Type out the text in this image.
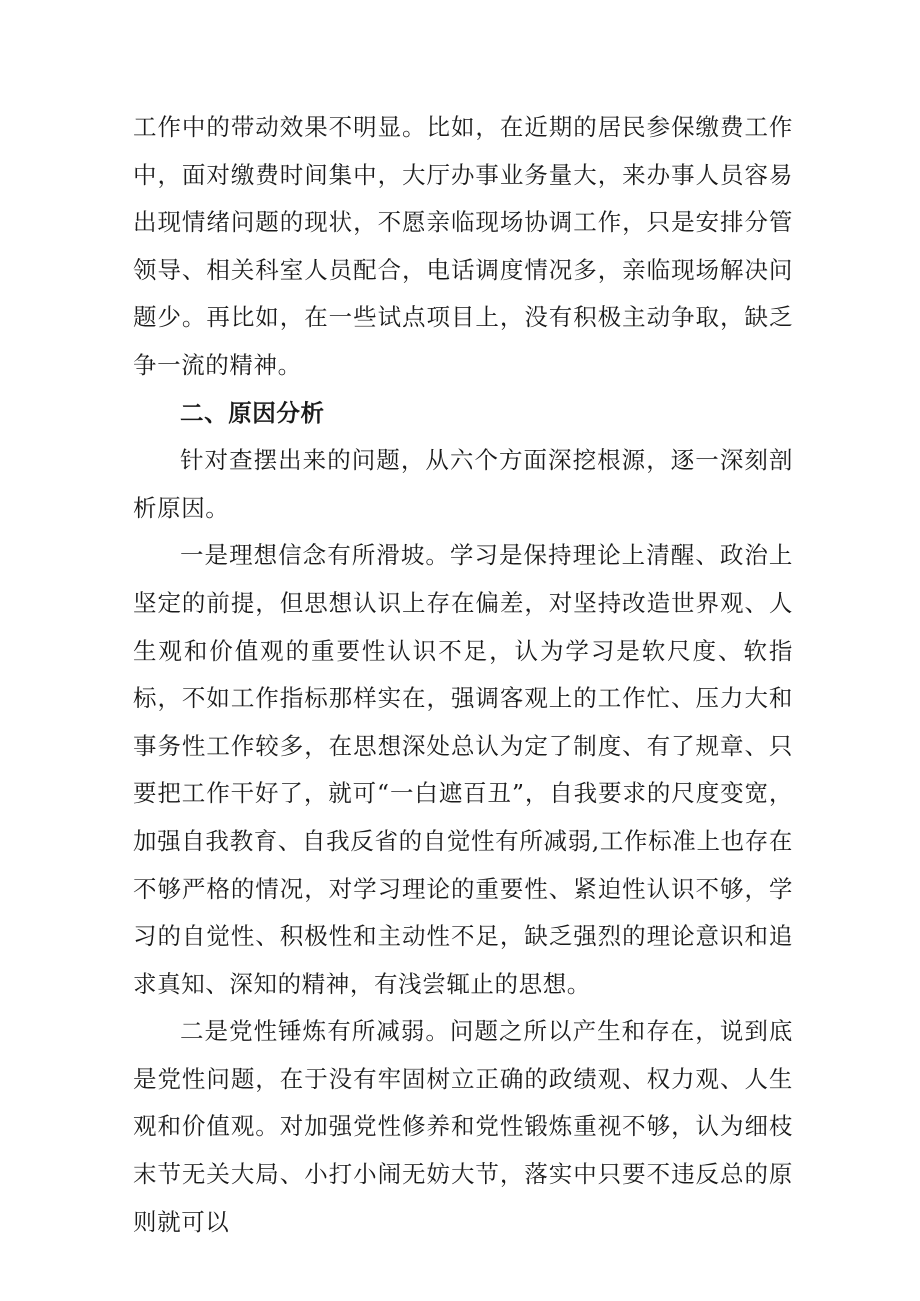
工作中的带动效果不明显。比如，在近期的居民参保缴费工作中，面对缴费时间集中，大厅办事业务量大，来办事人员容易出现情绪问题的现状，不愿亲临现场协调工作，只是安排分管领导、相关科室人员配合，电话调度情况多，亲临现场解决问题少。再比如，在一些试点项目上，没有积极主动争取，缺乏争一流的精神。

二、原因分析

针对查摆出来的问题，从六个方面深挖根源，逐一深刻剖析原因。

一是理想信念有所滑坡。学习是保持理论上清醒、政治上坚定的前提，但思想认识上存在偏差，对坚持改造世界观、人生观和价值观的重要性认识不足，认为学习是软尺度、软指标，不如工作指标那样实在，强调客观上的工作忙、压力大和事务性工作较多，在思想深处总认为定了制度、有了规章、只要把工作干好了，就可“一白遮百丑”，自我要求的尺度变宽，加强自我教育、自我反省的自觉性有所减弱,工作标准上也存在不够严格的情况，对学习理论的重要性、紧迫性认识不够，学习的自觉性、积极性和主动性不足，缺乏强烈的理论意识和追求真知、深知的精神，有浅尝辄止的思想。

二是党性锤炼有所减弱。问题之所以产生和存在，说到底是党性问题，在于没有牢固树立正确的政绩观、权力观、人生观和价值观。对加强党性修养和党性锻炼重视不够，认为细枝末节无关大局、小打小闹无妨大节，落实中只要不违反总的原则就可以
